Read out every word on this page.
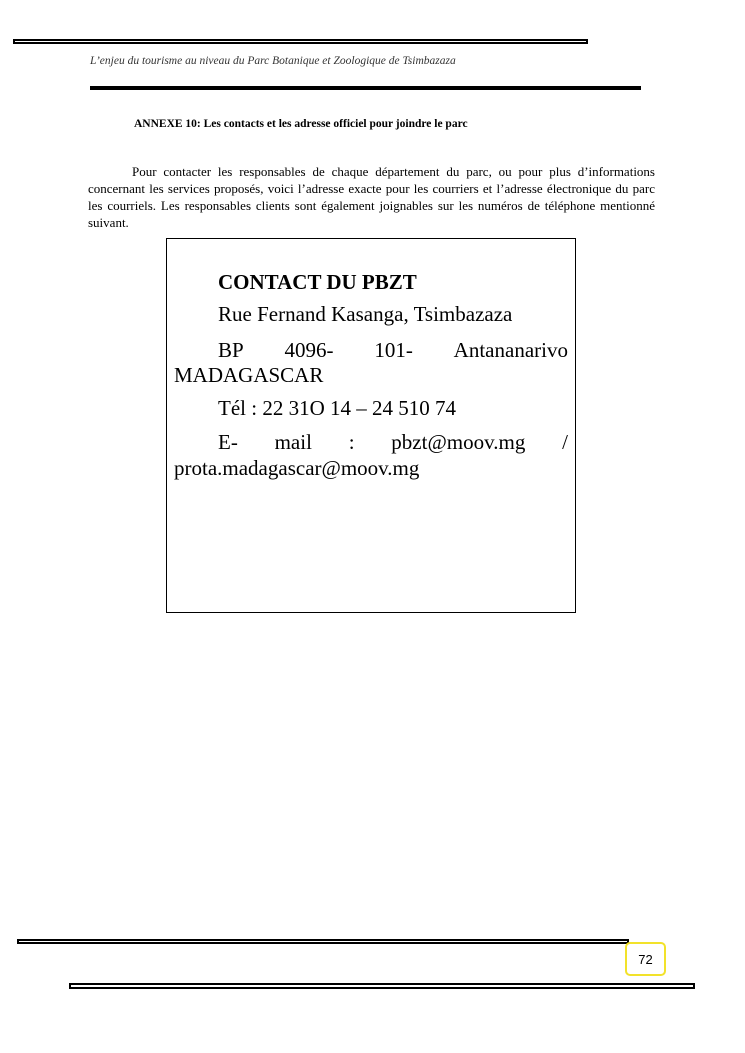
L’enjeu du tourisme au niveau du Parc Botanique et Zoologique de Tsimbazaza
ANNEXE 10: Les contacts et les adresse officiel pour joindre le parc
Pour contacter les responsables de chaque département du parc, ou pour plus d’informations concernant les services proposés, voici l’adresse exacte pour les courriers et l’adresse électronique du parc les courriels. Les responsables clients sont également joignables sur les numéros de téléphone mentionné suivant.
CONTACT DU PBZT
Rue Fernand Kasanga, Tsimbazaza
BP 4096- 101- Antananarivo
MADAGASCAR
Tél : 22 31O 14 – 24 510 74
E- mail : pbzt@moov.mg /
prota.madagascar@moov.mg
72
